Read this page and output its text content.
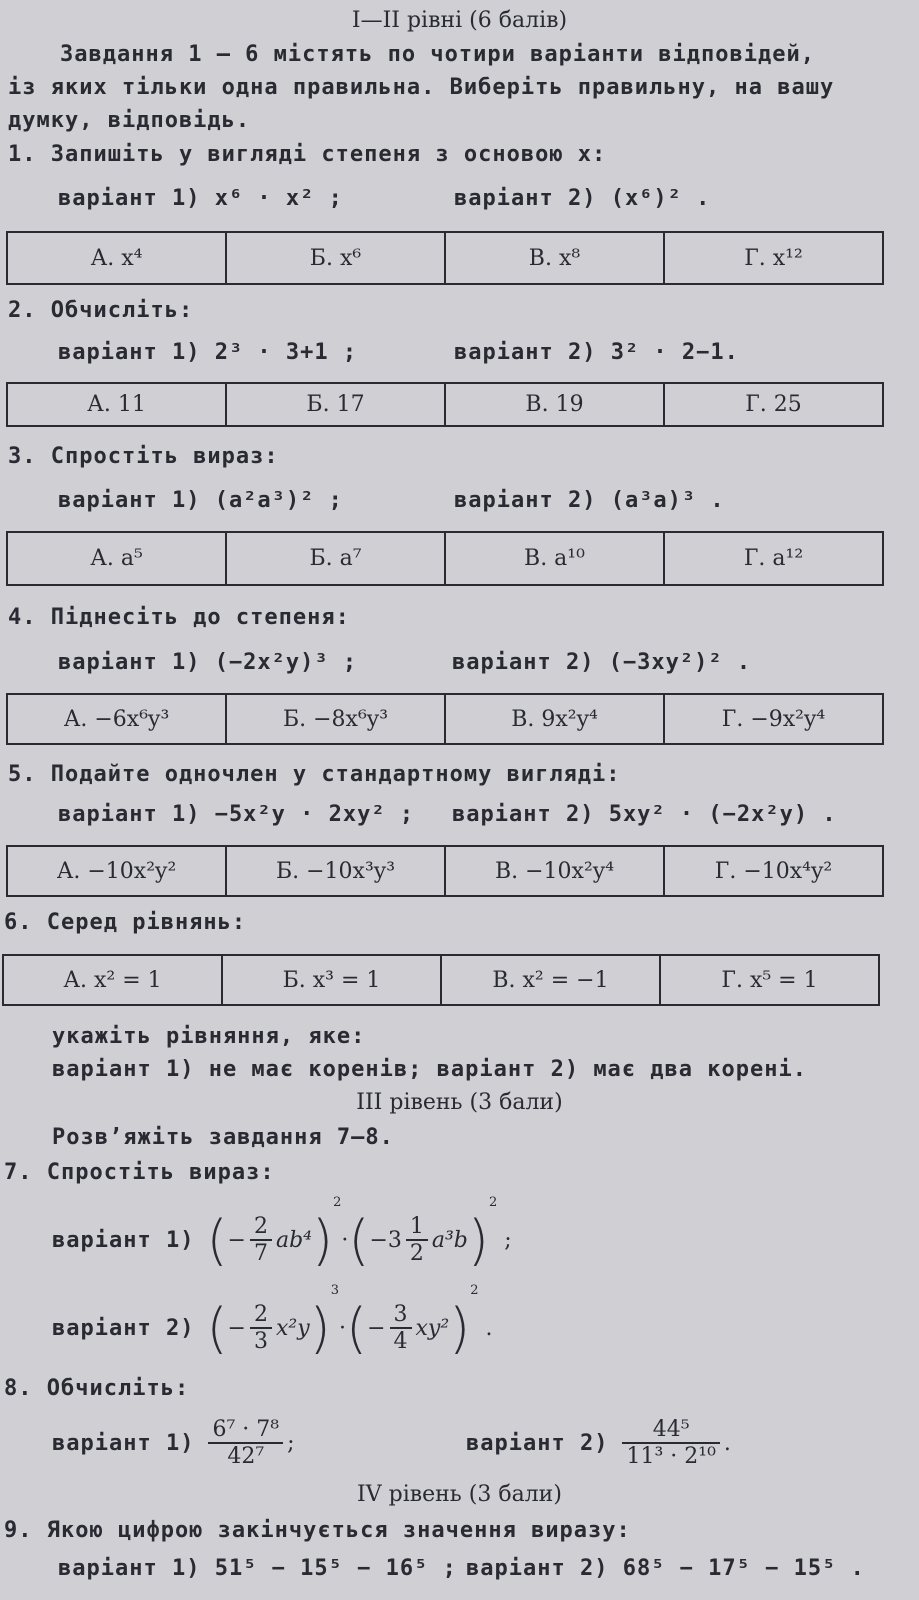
I—II рівні (6 балів)
Завдання 1 — 6 містять по чотири варіанти відповідей,
із яких тільки одна правильна. Виберіть правильну, на вашу
думку, відповідь.
1. Запишіть у вигляді степеня з основою x:
варіант 1) x⁶ · x² ;	варіант 2) (x⁶)² .
А. x⁴	Б. x⁶	В. x⁸	Г. x¹²
2. Обчисліть:
варіант 1) 2³ · 3+1 ;	варіант 2) 3² · 2−1.
А. 11	Б. 17	В. 19	Г. 25
3. Спростіть вираз:
варіант 1) (a²a³)² ;	варіант 2) (a³a)³ .
А. a⁵	Б. a⁷	В. a¹⁰	Г. a¹²
4. Піднесіть до степеня:
варіант 1) (−2x²y)³ ;	варіант 2) (−3xy²)² .
А. −6x⁶y³	Б. −8x⁶y³	В. 9x²y⁴	Г. −9x²y⁴
5. Подайте одночлен у стандартному вигляді:
варіант 1) −5x²y · 2xy² ; варіант 2) 5xy² · (−2x²y) .
А. −10x²y²	Б. −10x³y³	В. −10x²y⁴	Г. −10x⁴y²
6. Серед рівнянь:
А. x² = 1	Б. x³ = 1	В. x² = −1	Г. x⁵ = 1
укажіть рівняння, яке:
варіант 1) не має коренів; варіант 2) має два корені.
III рівень (3 бали)
Розв’яжіть завдання 7—8.
7. Спростіть вираз:
варіант 1) ( − $\frac{2}{7} ab^4$ )
$^2$
· ( $-3 \frac{1}{2} a^3b$ )
$^2$
;
варіант 2) ( − $\frac{2}{3} x^2y$ )
$^3$
· ( − $\frac{3}{4} xy^2$ )
$^2$
.
8. Обчисліть:
варіант $1) \frac{\text{6⁷ · 7⁸}}{\text{42⁷}}$ ;	варіант $2) \frac{\text{44⁵}}{\text{11³ · 2¹⁰}}$ .
IV рівень (3 бали)
9. Якою цифрою закінчується значення виразу:
варіант 1) 51⁵ − 15⁵ − 16⁵ ; варіант 2) 68⁵ − 17⁵ − 15⁵ .
